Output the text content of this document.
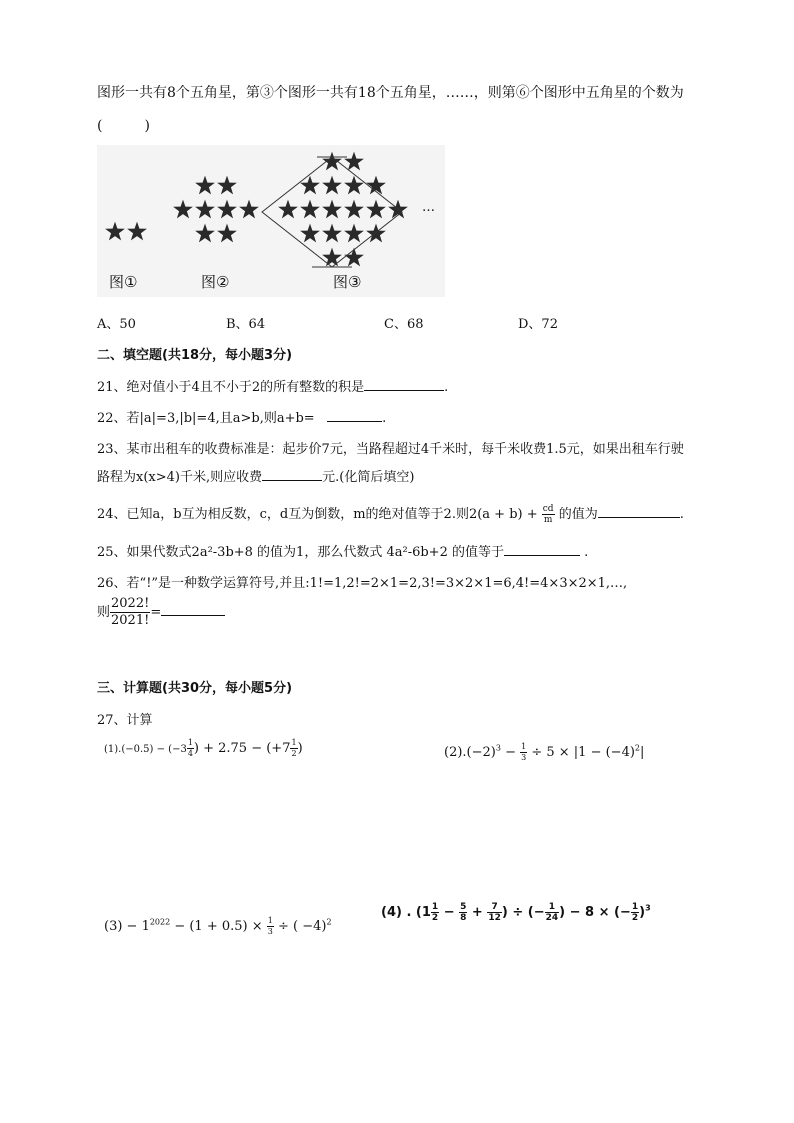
图形一共有8个五角星，第③个图形一共有18个五角星，……，则第⑥个图形中五角星的个数为
(　　　)
图①	图②	图③
…
A、50	B、64	C、68	D、72
二、填空题(共18分，每小题3分)
21、绝对值小于4且不小于2的所有整数的积是	.
22、若|a|=3,|b|=4,且a>b,则a+b=	.
23、某市出租车的收费标准是：起步价7元，当路程超过4千米时，每千米收费1.5元，如果出租车行驶
路程为x(x>4)千米,则应收费	元.(化简后填空)
24、已知a，b互为相反数，c，d互为倒数，m的绝对值等于2.则$2(a + b) + \frac{cd}{m}$ 的值为	.
25、如果代数式2a²-3b+8 的值为1，那么代数式 4a²-6b+2 的值等于	.
26、若“!”是一种数学运算符号,并且:1!=1,2!=2×1=2,3!=3×2×1=6,4!=4×3×2×1,…,
则 $\frac{2022!}{2021!}$ =
三、计算题(共30分，每小题5分)
27、计算
$(1).(-0.5) - (-3 \frac{1}{4}$ ) + $2.75 - (+7 \frac{1}{2}$ )	$(2).(-2)^3 - \frac{1}{3} \div 5 \times |1 - (-4)^2|$
$(3) - 1^{2022} - (1 + 0.5) \times \frac{1}{3}$ ÷ ( −4)$^2$
(4) . ($1 \frac{1}{2} - \frac{5}{8} + \frac{7}{12}$ ) ÷ (− $\frac{1}{24}$ ) − 8 × (− $\frac{1}{2} )^3$
